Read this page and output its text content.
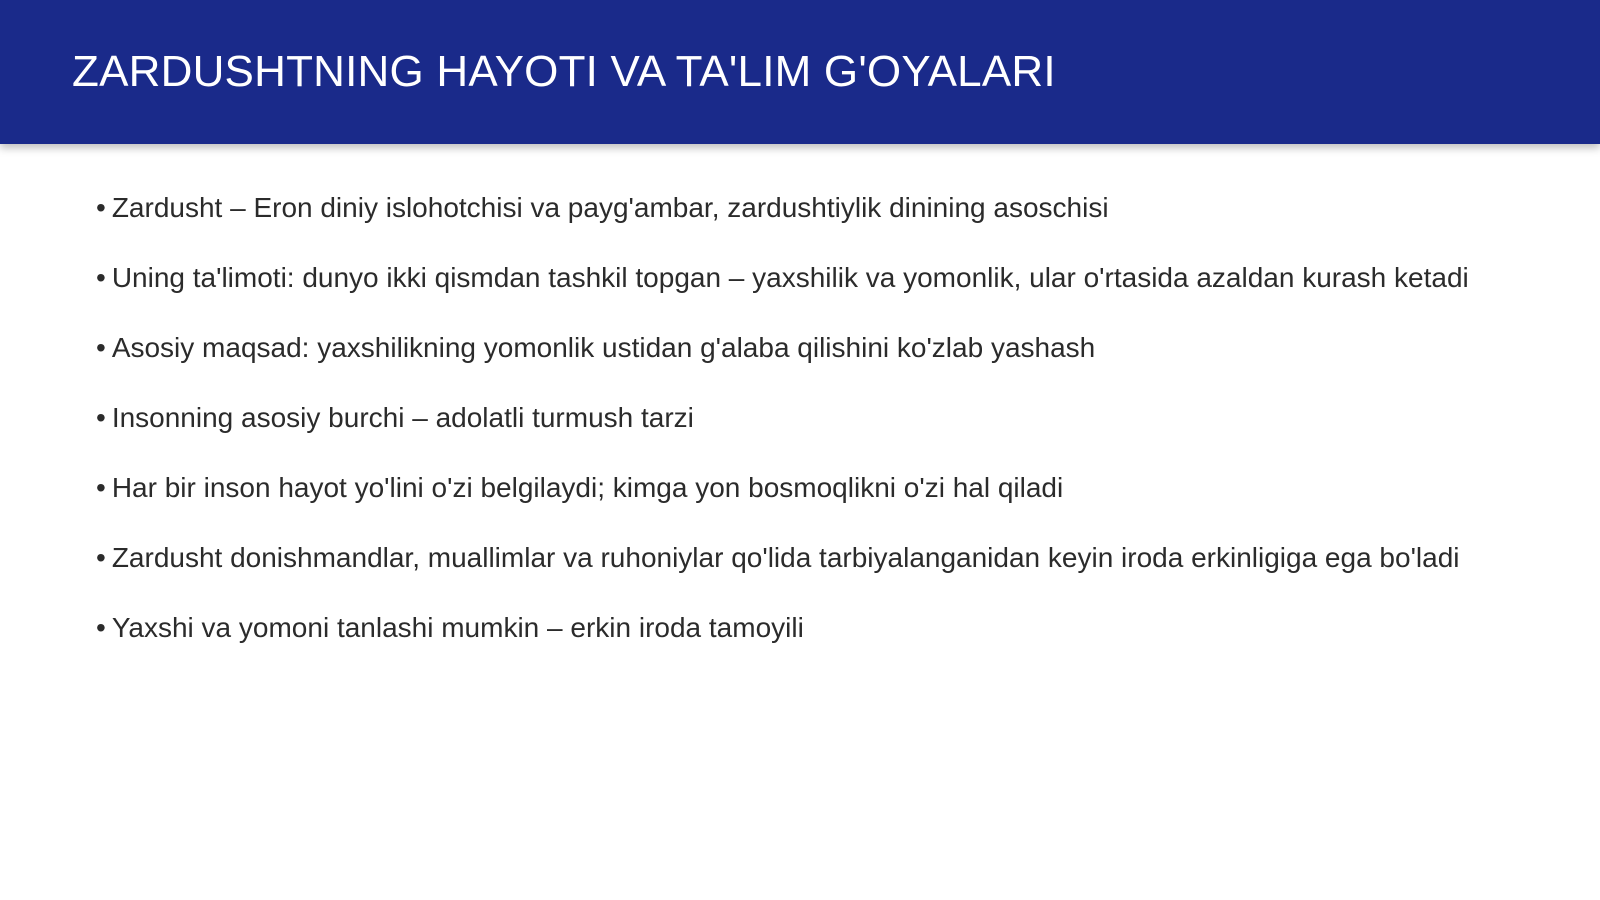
ZARDUSHTNING HAYOTI VA TA'LIM G'OYALARI
• Zardusht – Eron diniy islohotchisi va payg'ambar, zardushtiylik dinining asoschisi
• Uning ta'limoti: dunyo ikki qismdan tashkil topgan – yaxshilik va yomonlik, ular o'rtasida azaldan kurash ketadi
• Asosiy maqsad: yaxshilikning yomonlik ustidan g'alaba qilishini ko'zlab yashash
• Insonning asosiy burchi – adolatli turmush tarzi
• Har bir inson hayot yo'lini o'zi belgilaydi; kimga yon bosmoqlikni o'zi hal qiladi
• Zardusht donishmandlar, muallimlar va ruhoniylar qo'lida tarbiyalanganidan keyin iroda erkinligiga ega bo'ladi
• Yaxshi va yomoni tanlashi mumkin – erkin iroda tamoyili
